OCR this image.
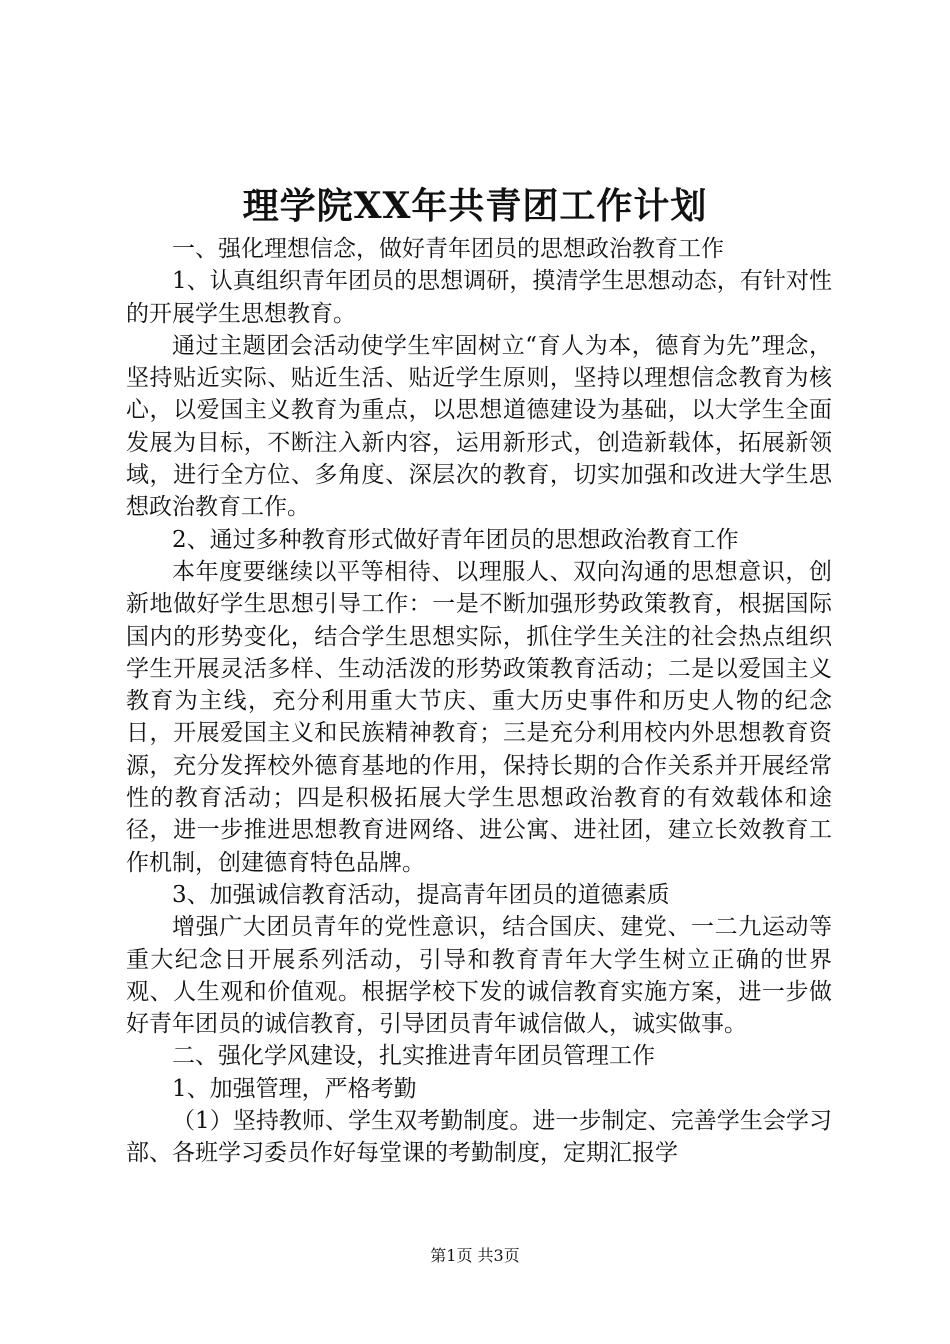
理学院XX年共青团工作计划

一、强化理想信念，做好青年团员的思想政治教育工作

1、认真组织青年团员的思想调研，摸清学生思想动态，有针对性的开展学生思想教育。

通过主题团会活动使学生牢固树立“育人为本，德育为先”理念，坚持贴近实际、贴近生活、贴近学生原则，坚持以理想信念教育为核心，以爱国主义教育为重点，以思想道德建设为基础，以大学生全面发展为目标，不断注入新内容，运用新形式，创造新载体，拓展新领域，进行全方位、多角度、深层次的教育，切实加强和改进大学生思想政治教育工作。

2、通过多种教育形式做好青年团员的思想政治教育工作

本年度要继续以平等相待、以理服人、双向沟通的思想意识，创新地做好学生思想引导工作：一是不断加强形势政策教育，根据国际国内的形势变化，结合学生思想实际，抓住学生关注的社会热点组织学生开展灵活多样、生动活泼的形势政策教育活动；二是以爱国主义教育为主线，充分利用重大节庆、重大历史事件和历史人物的纪念日，开展爱国主义和民族精神教育；三是充分利用校内外思想教育资源，充分发挥校外德育基地的作用，保持长期的合作关系并开展经常性的教育活动；四是积极拓展大学生思想政治教育的有效载体和途径，进一步推进思想教育进网络、进公寓、进社团，建立长效教育工作机制，创建德育特色品牌。

3、加强诚信教育活动，提高青年团员的道德素质

增强广大团员青年的党性意识，结合国庆、建党、一二九运动等重大纪念日开展系列活动，引导和教育青年大学生树立正确的世界观、人生观和价值观。根据学校下发的诚信教育实施方案，进一步做好青年团员的诚信教育，引导团员青年诚信做人，诚实做事。

二、强化学风建设，扎实推进青年团员管理工作

1、加强管理，严格考勤

（1）坚持教师、学生双考勤制度。进一步制定、完善学生会学习部、各班学习委员作好每堂课的考勤制度，定期汇报学

第1页 共3页
